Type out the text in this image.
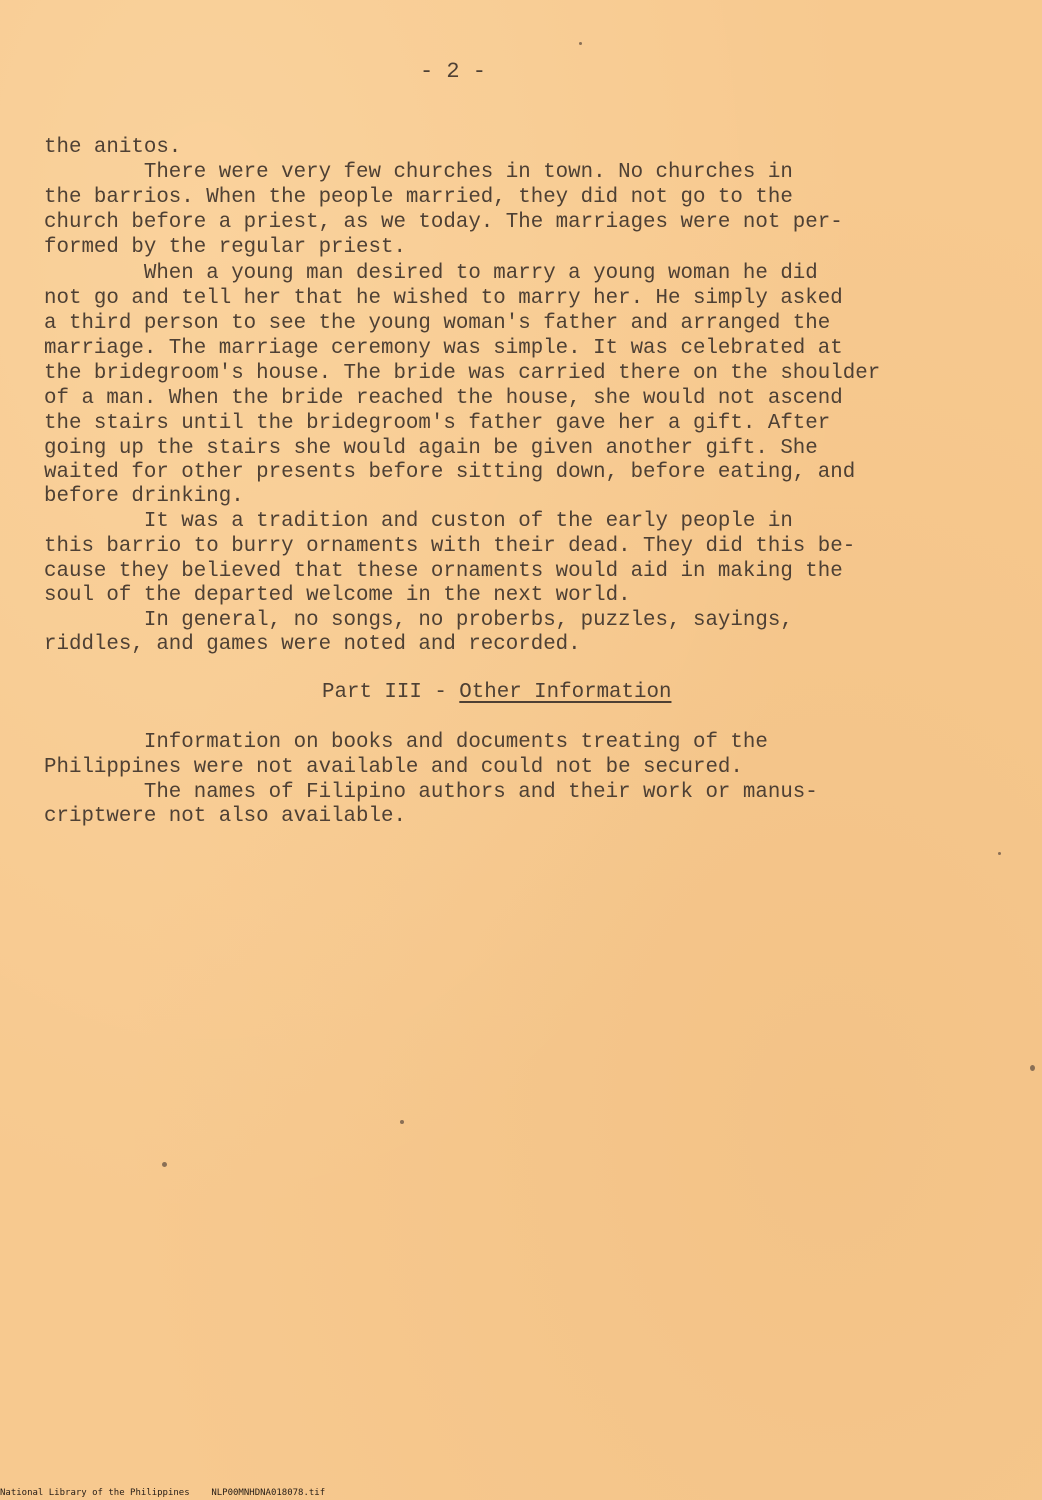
- 2 -
the anitos.
There were very few churches in town. No churches in
the barrios. When the people married, they did not go to the
church before a priest, as we today. The marriages were not per-
formed by the regular priest.
When a young man desired to marry a young woman he did
not go and tell her that he wished to marry her. He simply asked
a third person to see the young woman's father and arranged the
marriage. The marriage ceremony was simple. It was celebrated at
the bridegroom's house. The bride was carried there on the shoulder
of a man. When the bride reached the house, she would not ascend
the stairs until the bridegroom's father gave her a gift. After
going up the stairs she would again be given another gift. She
waited for other presents before sitting down, before eating, and
before drinking.
It was a tradition and custon of the early people in
this barrio to burry ornaments with their dead. They did this be-
cause they believed that these ornaments would aid in making the
soul of the departed welcome in the next world.
In general, no songs, no proberbs, puzzles, sayings,
riddles, and games were noted and recorded.
Part III - Other Information
Information on books and documents treating of the
Philippines were not available and could not be secured.
The names of Filipino authors and their work or manus-
criptwere not also available.
National Library of the Philippines NLP00MNHDNA018078.tif
